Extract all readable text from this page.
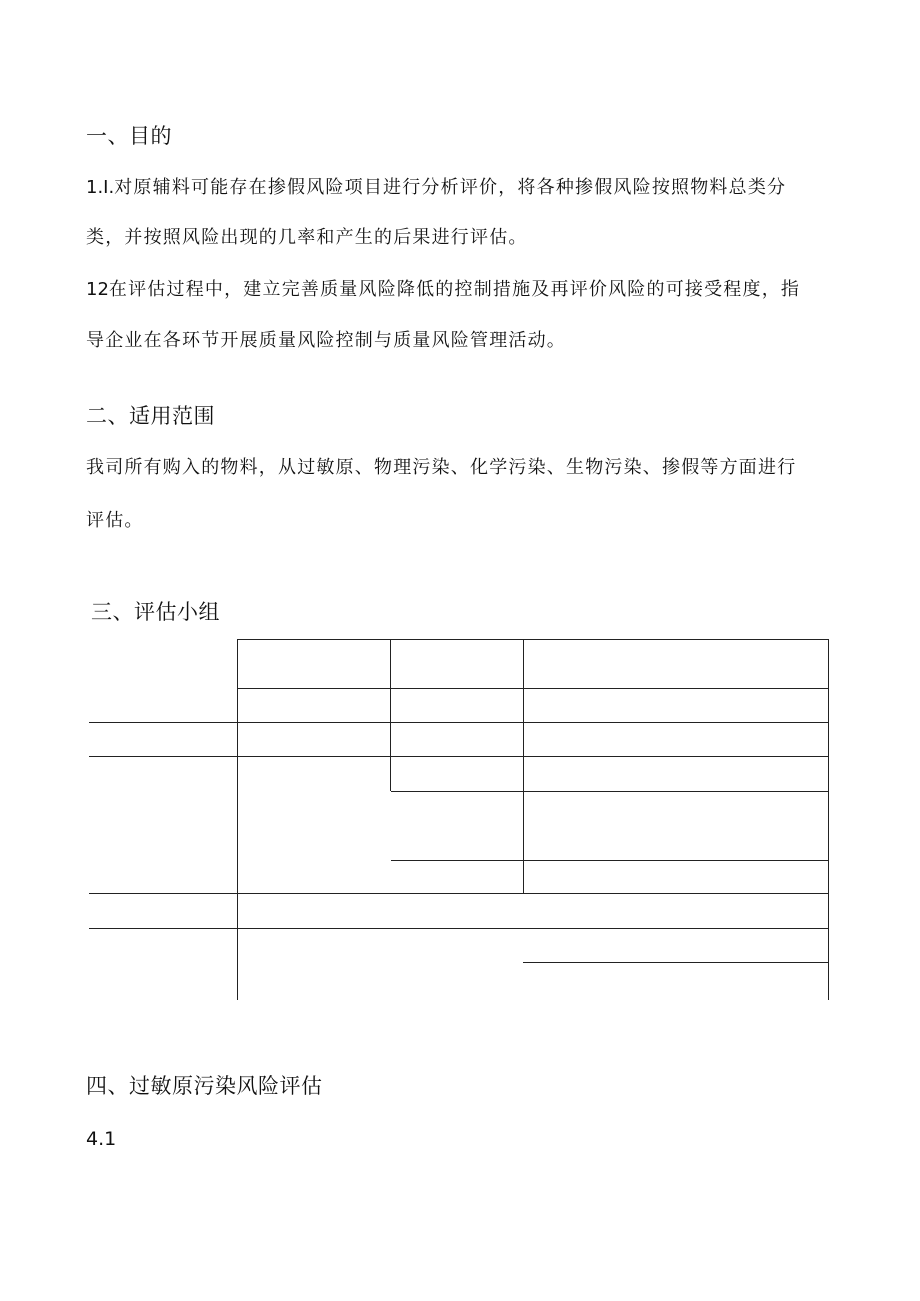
一、目的
1.I.对原辅料可能存在掺假风险项目进行分析评价，将各种掺假风险按照物料总类分
类，并按照风险出现的几率和产生的后果进行评估。
12在评估过程中，建立完善质量风险降低的控制措施及再评价风险的可接受程度，指
导企业在各环节开展质量风险控制与质量风险管理活动。
二、适用范围
我司所有购入的物料，从过敏原、物理污染、化学污染、生物污染、掺假等方面进行
评估。
三、评估小组
四、过敏原污染风险评估
4.1
